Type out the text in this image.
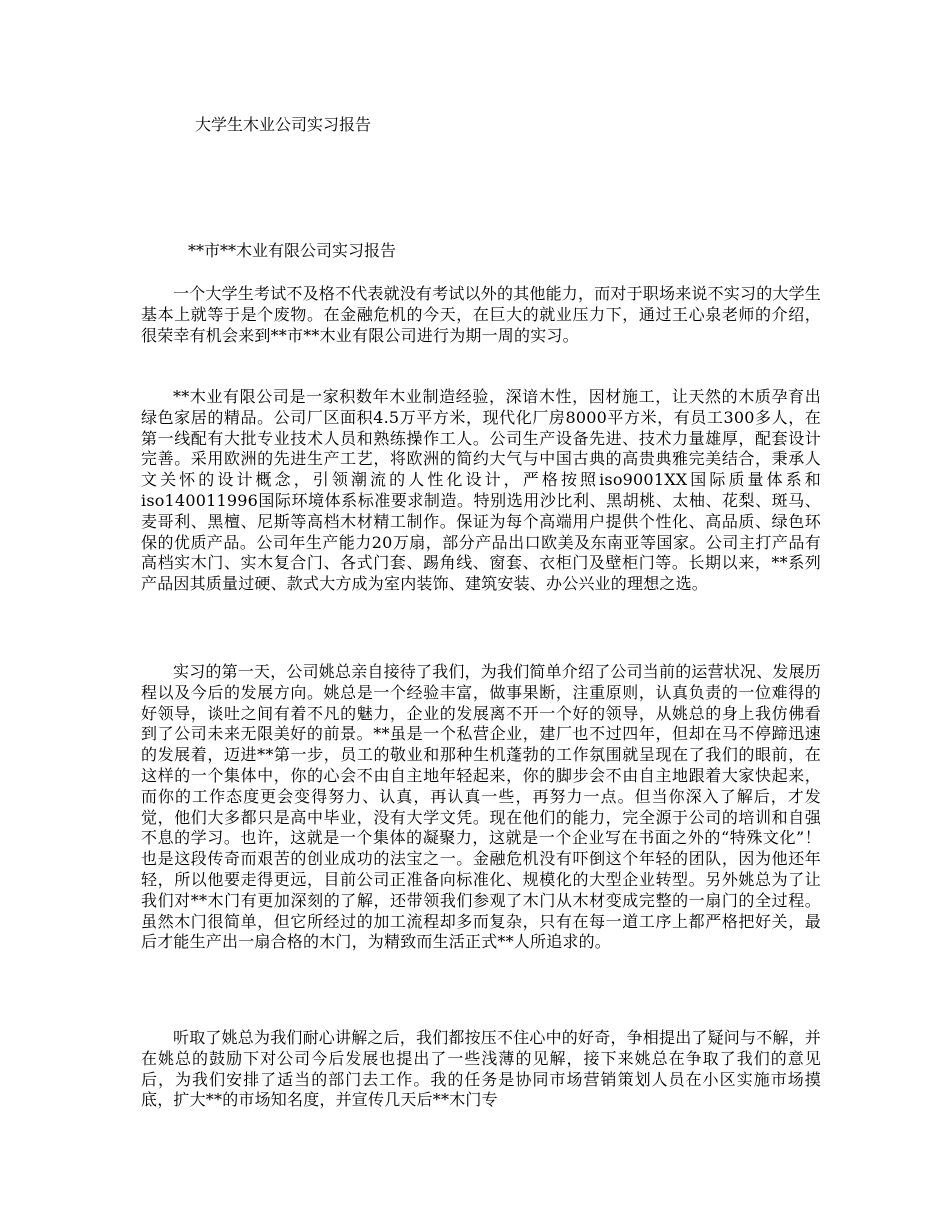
大学生木业公司实习报告
**市**木业有限公司实习报告

一个大学生考试不及格不代表就没有考试以外的其他能力，而对于职场来说不实习的大学生基本上就等于是个废物。在金融危机的今天，在巨大的就业压力下，通过王心泉老师的介绍，很荣幸有机会来到**市**木业有限公司进行为期一周的实习。

**木业有限公司是一家积数年木业制造经验，深谙木性，因材施工，让天然的木质孕育出绿色家居的精品。公司厂区面积4.5万平方米，现代化厂房8000平方米，有员工300多人，在第一线配有大批专业技术人员和熟练操作工人。公司生产设备先进、技术力量雄厚，配套设计完善。采用欧洲的先进生产工艺，将欧洲的简约大气与中国古典的高贵典雅完美结合，秉承人文关怀的设计概念，引领潮流的人性化设计，严格按照iso9001XX国际质量体系和iso140011996国际环境体系标准要求制造。特别选用沙比利、黑胡桃、太柚、花梨、斑马、麦哥利、黑檀、尼斯等高档木材精工制作。保证为每个高端用户提供个性化、高品质、绿色环保的优质产品。公司年生产能力20万扇，部分产品出口欧美及东南亚等国家。公司主打产品有高档实木门、实木复合门、各式门套、踢角线、窗套、衣柜门及壁柜门等。长期以来，**系列产品因其质量过硬、款式大方成为室内装饰、建筑安装、办公兴业的理想之选。

实习的第一天，公司姚总亲自接待了我们，为我们简单介绍了公司当前的运营状况、发展历程以及今后的发展方向。姚总是一个经验丰富，做事果断，注重原则，认真负责的一位难得的好领导，谈吐之间有着不凡的魅力，企业的发展离不开一个好的领导，从姚总的身上我仿佛看到了公司未来无限美好的前景。**虽是一个私营企业，建厂也不过四年，但却在马不停蹄迅速的发展着，迈进**第一步，员工的敬业和那种生机蓬勃的工作氛围就呈现在了我们的眼前，在这样的一个集体中，你的心会不由自主地年轻起来，你的脚步会不由自主地跟着大家快起来，而你的工作态度更会变得努力、认真，再认真一些，再努力一点。但当你深入了解后，才发觉，他们大多都只是高中毕业，没有大学文凭。现在他们的能力，完全源于公司的培训和自强不息的学习。也许，这就是一个集体的凝聚力，这就是一个企业写在书面之外的“特殊文化”！也是这段传奇而艰苦的创业成功的法宝之一。金融危机没有吓倒这个年轻的团队，因为他还年轻，所以他要走得更远，目前公司正准备向标准化、规模化的大型企业转型。另外姚总为了让我们对**木门有更加深刻的了解，还带领我们参观了木门从木材变成完整的一扇门的全过程。虽然木门很简单，但它所经过的加工流程却多而复杂，只有在每一道工序上都严格把好关，最后才能生产出一扇合格的木门，为精致而生活正式**人所追求的。

听取了姚总为我们耐心讲解之后，我们都按压不住心中的好奇，争相提出了疑问与不解，并在姚总的鼓励下对公司今后发展也提出了一些浅薄的见解，接下来姚总在争取了我们的意见后，为我们安排了适当的部门去工作。我的任务是协同市场营销策划人员在小区实施市场摸底，扩大**的市场知名度，并宣传几天后**木门专
